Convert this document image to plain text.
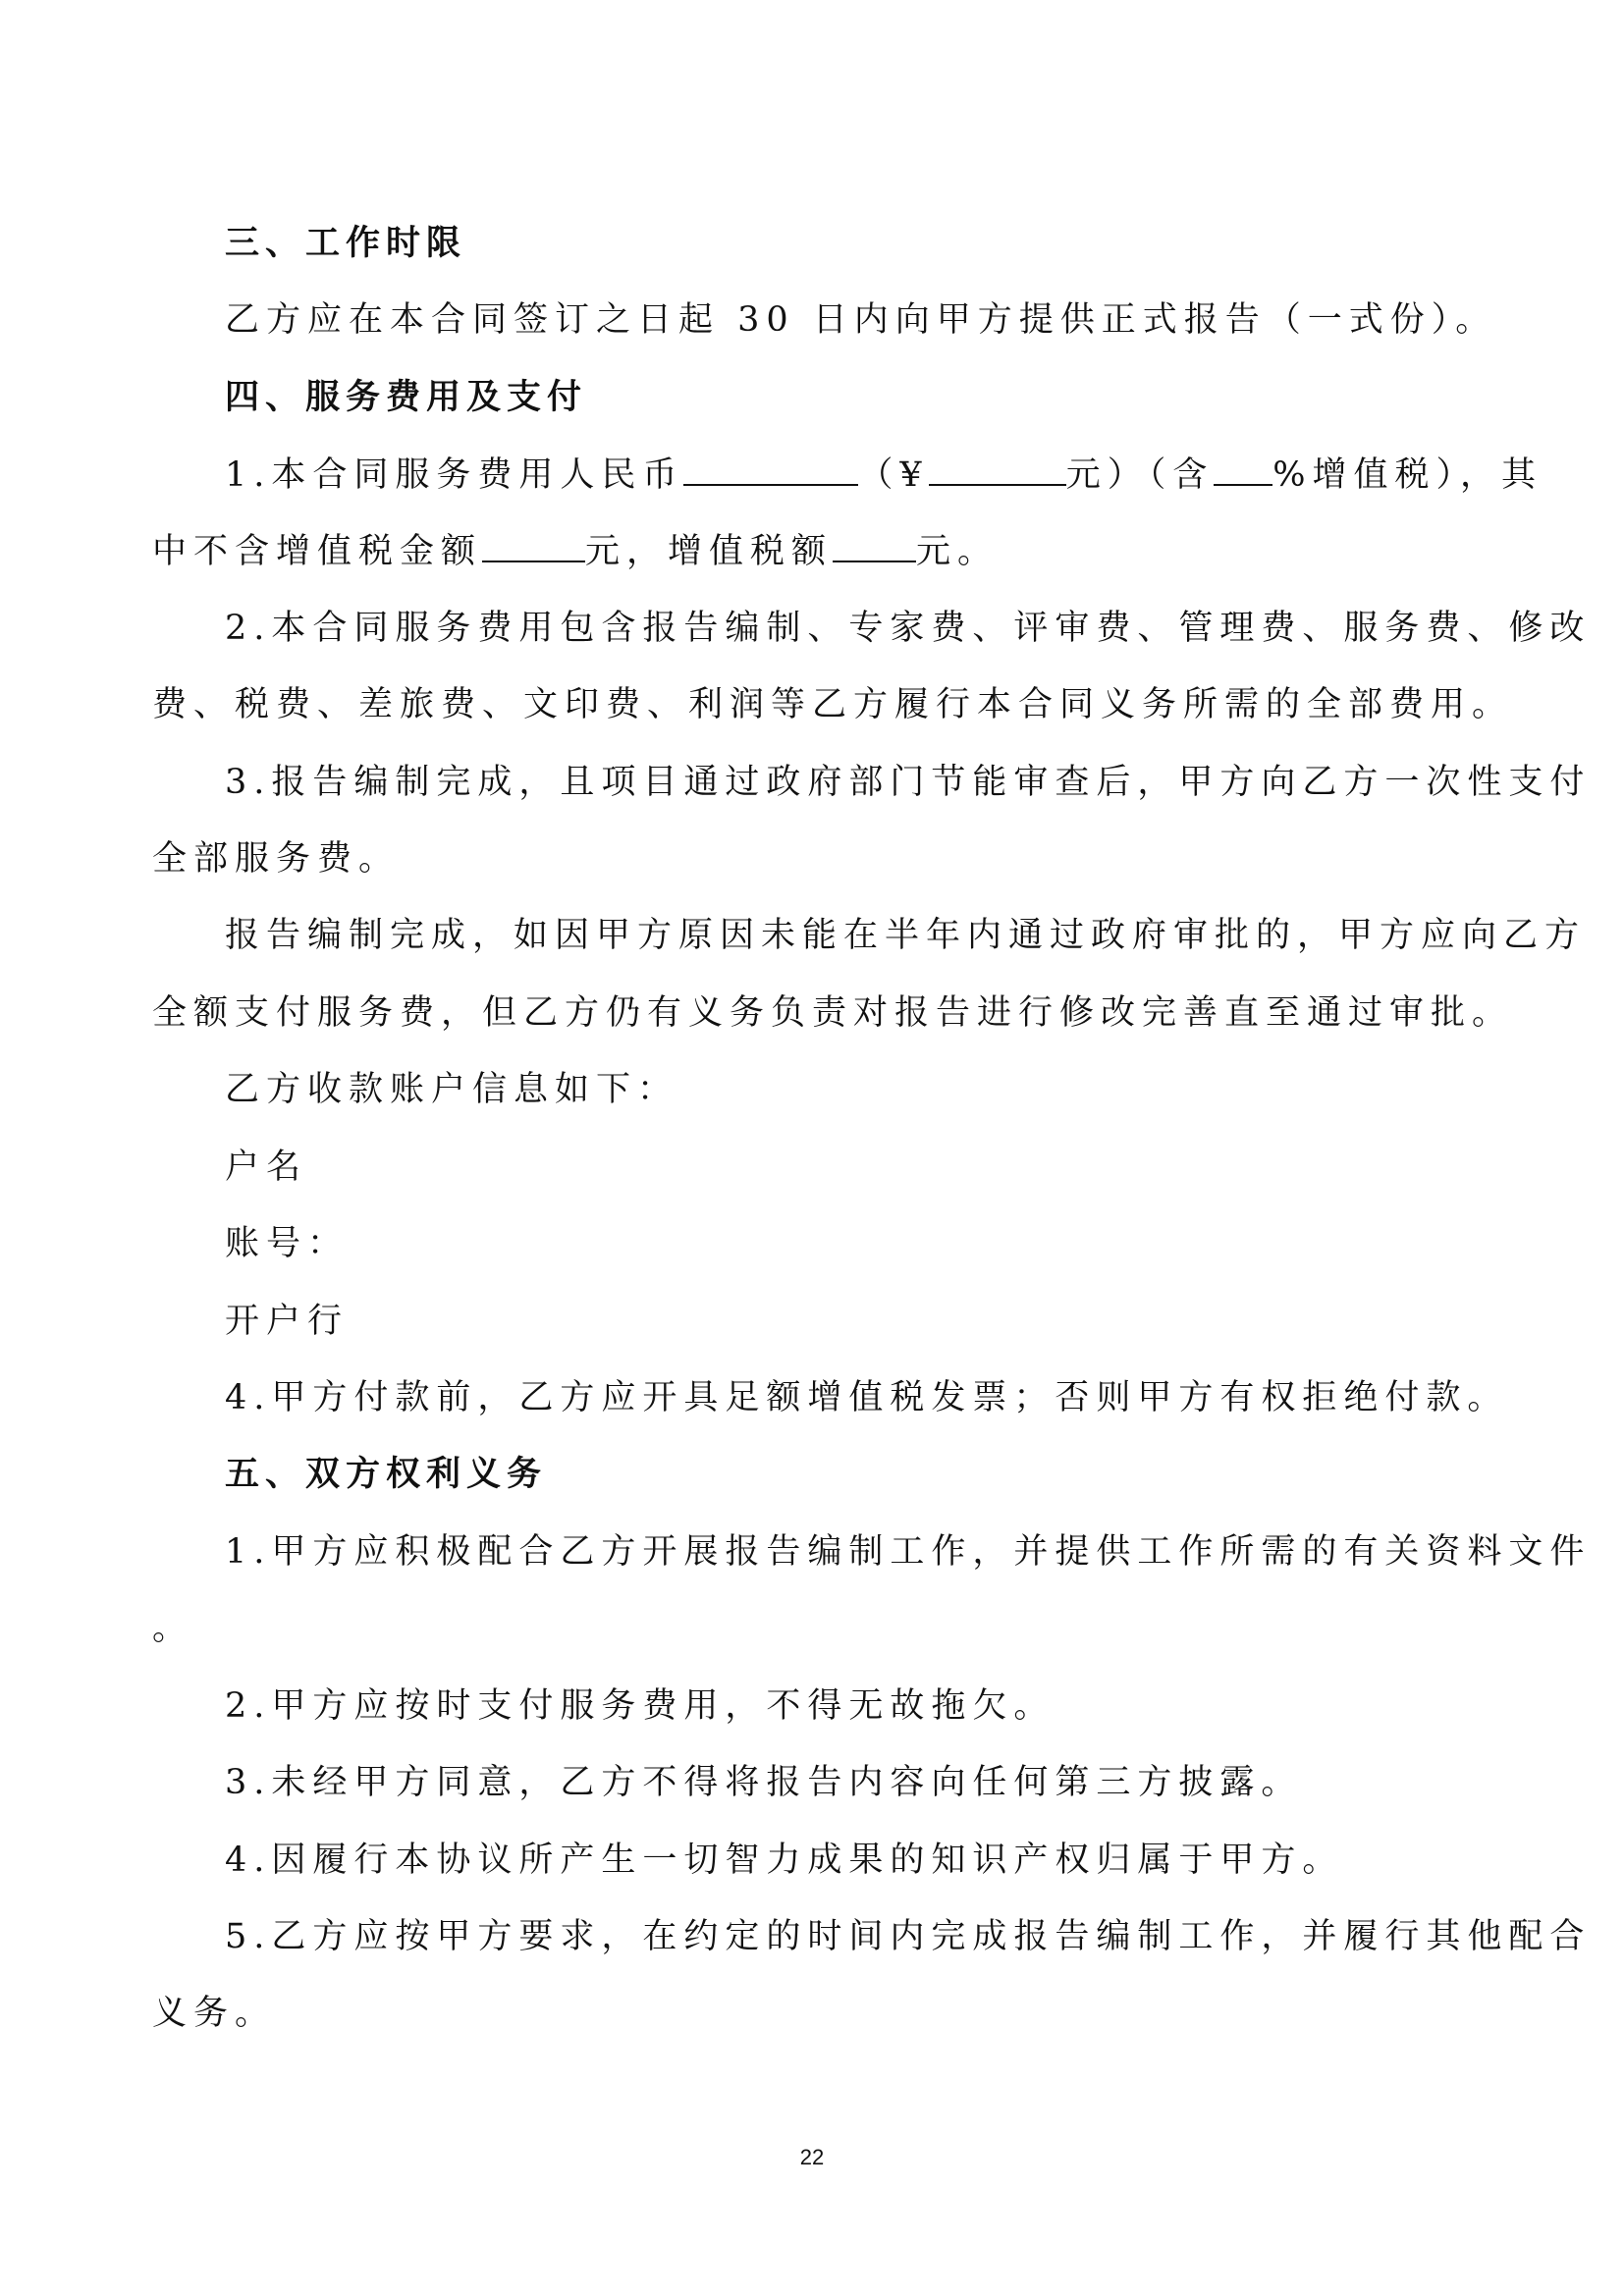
三、工作时限
乙方应在本合同签订之日起 30 日内向甲方提供正式报告（一式份）。
四、服务费用及支付
1.本合同服务费用人民币	（¥	元）（含 %增值税），其
中不含增值税金额	元，增值税额 元。
2.本合同服务费用包含报告编制、专家费、评审费、管理费、服务费、修改
费、税费、差旅费、文印费、利润等乙方履行本合同义务所需的全部费用。
3.报告编制完成，且项目通过政府部门节能审查后，甲方向乙方一次性支付
全部服务费。
报告编制完成，如因甲方原因未能在半年内通过政府审批的，甲方应向乙方
全额支付服务费，但乙方仍有义务负责对报告进行修改完善直至通过审批。
乙方收款账户信息如下：
户名
账号：
开户行
4.甲方付款前，乙方应开具足额增值税发票；否则甲方有权拒绝付款。
五、双方权利义务
1.甲方应积极配合乙方开展报告编制工作，并提供工作所需的有关资料文件
。
2.甲方应按时支付服务费用，不得无故拖欠。
3.未经甲方同意，乙方不得将报告内容向任何第三方披露。
4.因履行本协议所产生一切智力成果的知识产权归属于甲方。
5.乙方应按甲方要求，在约定的时间内完成报告编制工作，并履行其他配合
义务。
22
